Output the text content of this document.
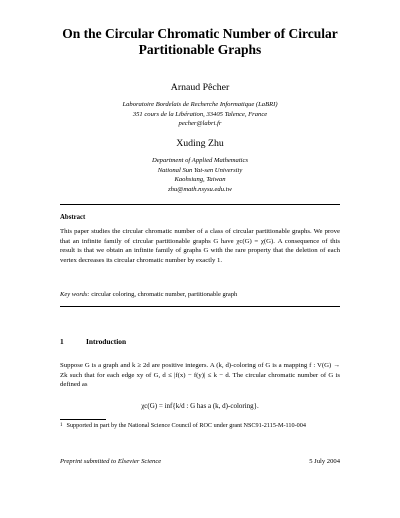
On the Circular Chromatic Number of Circular
Partitionable Graphs
Arnaud Pêcher
Laboratoire Bordelais de Recherche Informatique (LaBRI)
351 cours de la Libération, 33405 Talence, France
pecher@labri.fr
Xuding Zhu
Department of Applied Mathematics
National Sun Yat-sen University
Kaohsiung, Taiwan
zhu@math.nsysu.edu.tw
Abstract
This paper studies the circular chromatic number of a class of circular partitionable graphs. We prove that an infinite family of circular partitionable graphs G have χc(G) = χ(G). A consequence of this result is that we obtain an infinite family of graphs G with the rare property that the deletion of each vertex decreases its circular chromatic number by exactly 1.
Key words: circular coloring, chromatic number, partitionable graph
1	Introduction
Suppose G is a graph and k ≥ 2d are positive integers. A (k, d)-coloring of G is a mapping f : V(G) → Zk such that for each edge xy of G, d ≤ |f(x) − f(y)| ≤ k − d. The circular chromatic number of G is defined as
χc(G) = inf{k/d : G has a (k, d)-coloring}.
$^1$ Supported in part by the National Science Council of ROC under grant NSC91-2115-M-110-004
Preprint submitted to Elsevier Science	5 July 2004
